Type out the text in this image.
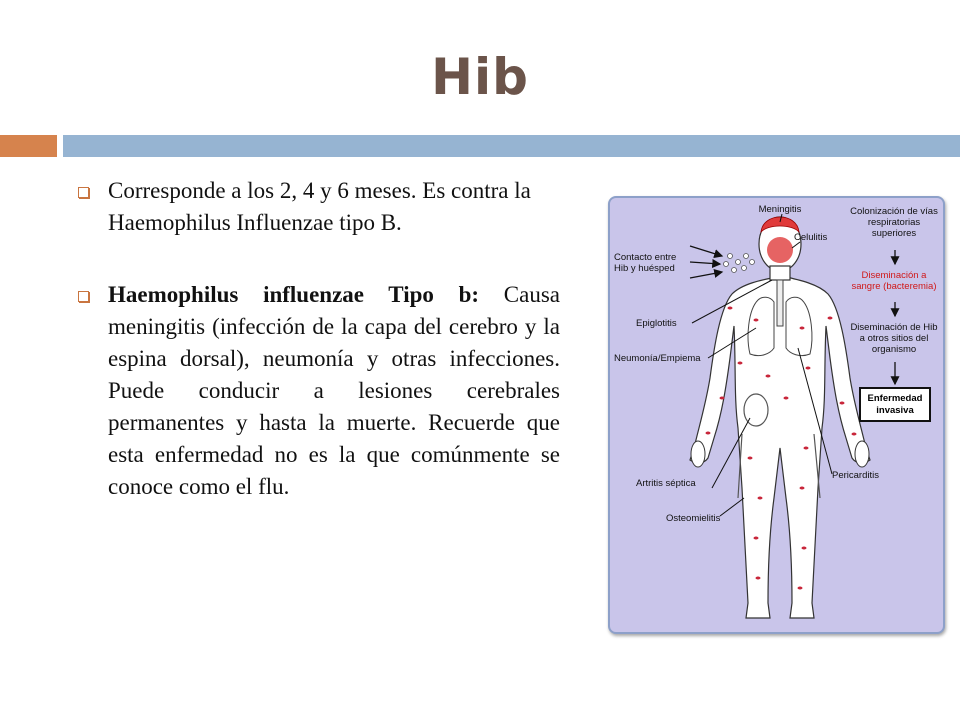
Hib
Corresponde a los 2, 4 y 6 meses. Es contra la Haemophilus Influenzae tipo B.
Haemophilus influenzae Tipo b: Causa meningitis (infección de la capa del cerebro y la espina dorsal), neumonía y otras infecciones. Puede conducir a lesiones cerebrales permanentes y hasta la muerte. Recuerde que esta enfermedad no es la que comúnmente se conoce como el flu.
Meningitis
Celulitis
Contacto entre Hib y huésped
Epiglotitis
Neumonía/Empiema
Artritis séptica
Osteomielitis
Pericarditis
Colonización de vías respiratorias superiores
Diseminación a sangre (bacteremia)
Diseminación de Hib a otros sitios del organismo
Enfermedad invasiva
